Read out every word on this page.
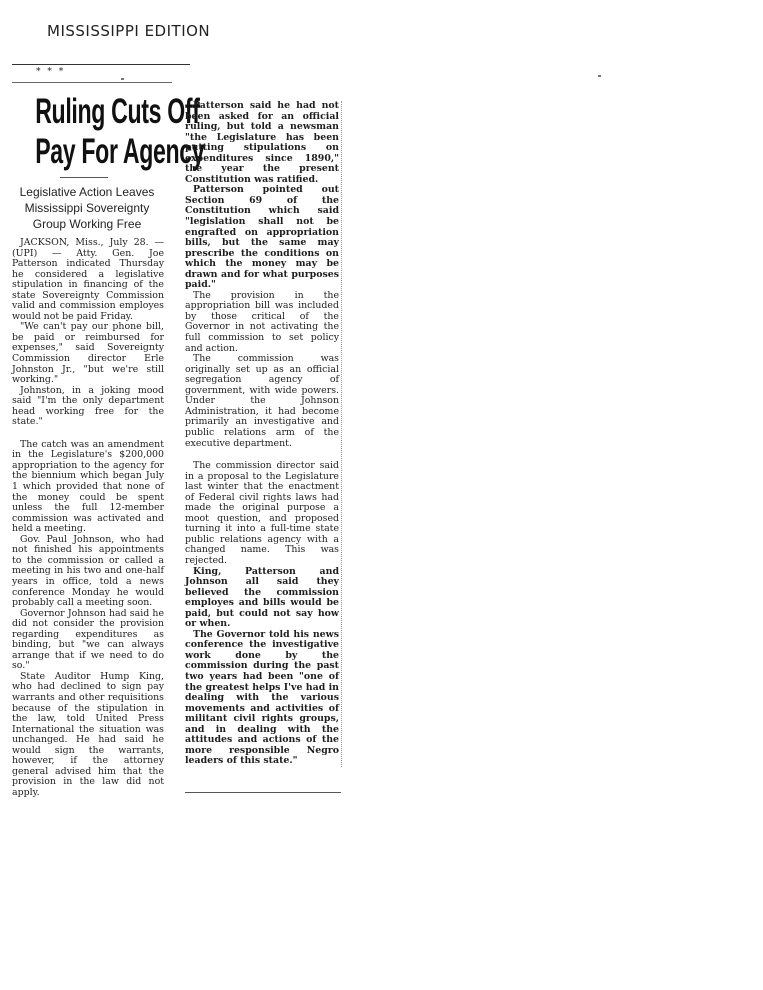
MISSISSIPPI EDITION
* * *
Ruling Cuts Off
Pay For Agency
Legislative Action Leaves
Mississippi Sovereignty
Group Working Free

JACKSON, Miss., July 28. — (UPI) — Atty. Gen. Joe Patterson indicated Thursday he considered a legislative stipulation in financing of the state Sovereignty Commission valid and commission employes would not be paid Friday.

"We can't pay our phone bill, be paid or reimbursed for expenses," said Sovereignty Commission director Erle Johnston Jr., "but we're still working."

Johnston, in a joking mood said "I'm the only department head working free for the state."

The catch was an amendment in the Legislature's $200,000 appropriation to the agency for the biennium which began July 1 which provided that none of the money could be spent unless the full 12-member commission was activated and held a meeting.

Gov. Paul Johnson, who had not finished his appointments to the commission or called a meeting in his two and one-half years in office, told a news conference Monday he would probably call a meeting soon.

Governor Johnson had said he did not consider the provision regarding expenditures as binding, but "we can always arrange that if we need to do so."

State Auditor Hump King, who had declined to sign pay warrants and other requisitions because of the stipulation in the law, told United Press International the situation was unchanged. He had said he would sign the warrants, however, if the attorney general advised him that the provision in the law did not apply.

Patterson said he had not been asked for an official ruling, but told a newsman "the Legislature has been putting stipulations on expenditures since 1890," the year the present Constitution was ratified.

Patterson pointed out Section 69 of the Constitution which said "legislation shall not be engrafted on appropriation bills, but the same may prescribe the conditions on which the money may be drawn and for what purposes paid."

The provision in the appropriation bill was included by those critical of the Governor in not activating the full commission to set policy and action.

The commission was originally set up as an official segregation agency of government, with wide powers. Under the Johnson Administration, it had become primarily an investigative and public relations arm of the executive department.

The commission director said in a proposal to the Legislature last winter that the enactment of Federal civil rights laws had made the original purpose a moot question, and proposed turning it into a full-time state public relations agency with a changed name. This was rejected.

King, Patterson and Johnson all said they believed the commission employes and bills would be paid, but could not say how or when.

The Governor told his news conference the investigative work done by the commission during the past two years had been "one of the greatest helps I've had in dealing with the various movements and activities of militant civil rights groups, and in dealing with the attitudes and actions of the more responsible Negro leaders of this state."
